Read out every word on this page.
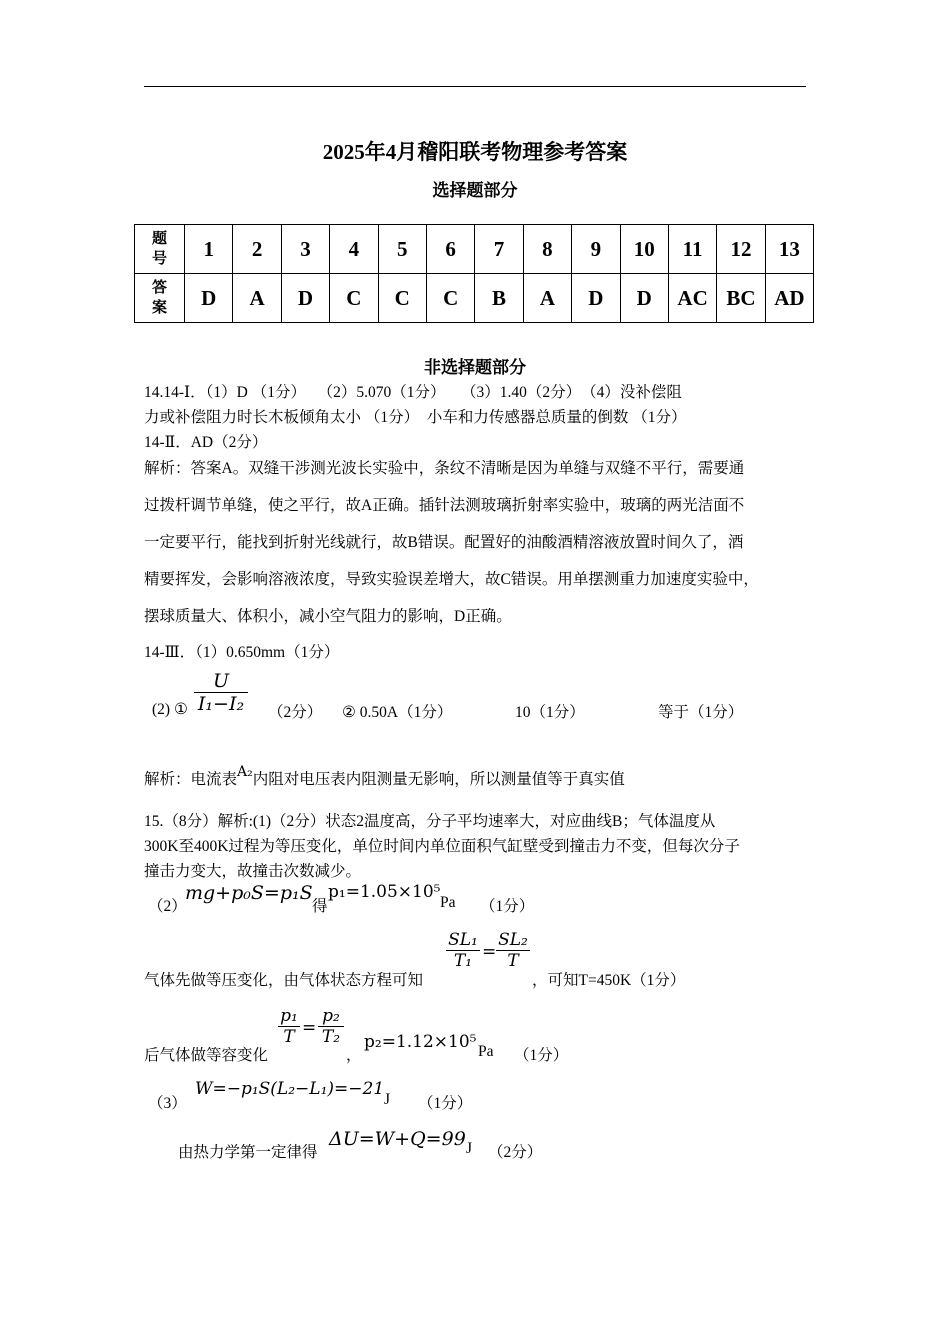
2025年4月稽阳联考物理参考答案
选择题部分
题
号	1	2	3	4	5	6	7	8	9	10	11	12	13
答
案	D	A	D	C	C	C	B	A	D	D	AC	BC	AD
非选择题部分
14.14-Ⅰ．（1）D （1分）　 （2）5.070（1分）　　（3）1.40（2分）　（4）没补偿阻
力或补偿阻力时长木板倾角太小 （1分）　小车和力传感器总质量的倒数 （1分）
14-Ⅱ．AD（2分）
解析：答案A。双缝干涉测光波长实验中，条纹不清晰是因为单缝与双缝不平行，需要通
过拨杆调节单缝，使之平行，故A正确。插针法测玻璃折射率实验中，玻璃的两光洁面不
一定要平行，能找到折射光线就行，故B错误。配置好的油酸酒精溶液放置时间久了，酒
精要挥发，会影响溶液浓度，导致实验误差增大，故C错误。用单摆测重力加速度实验中，
摆球质量大、体积小，减小空气阻力的影响，D正确。
14-Ⅲ．（1）0.650mm（1分）
(2) ① $\frac{U}{\text{I₁−I₂}} (2$分） ② 0.50A（1分）	10（1分）	等于（1分）
解析：电流表A₂内阻对电压表内阻测量无影响，所以测量值等于真实值
15.（8分）解析:(1)（2分）状态2温度高，分子平均速率大，对应曲线B；气体温度从
300K至400K过程为等压变化，单位时间内单位面积气缸壁受到撞击力不变，但每次分子
撞击力变大，故撞击次数减少。
（2）
mg+p₀S=p₁S
得
p₁=1.05×10⁵
Pa （1分）
$\frac{\text{SL₁}}{\text{T₁}} = \frac{\text{SL₂}}{T}$
气体先做等压变化，由气体状态方程可知	，可知T=450K（1分）
$\frac{\text{p₁}}{T} = \frac{\text{p₂}}{\text{T₂}}$
后气体做等容变化	，
p₂=1.12×10⁵ Pa （1分）
（3）
W=−p₁S(L₂−L₁)=−21
J （1分）
由热力学第一定律得
ΔU=W+Q=99 J （2分）
